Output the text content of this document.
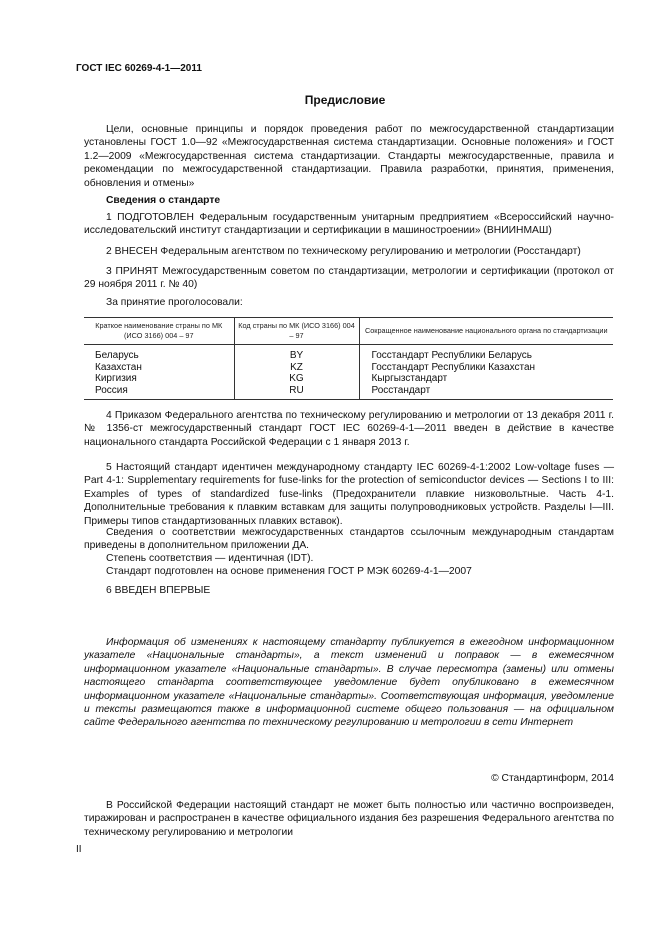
ГОСТ IEC 60269-4-1—2011
Предисловие

Цели, основные принципы и порядок проведения работ по межгосударственной стандартизации установлены ГОСТ 1.0—92 «Межгосударственная система стандартизации. Основные положения» и ГОСТ 1.2—2009 «Межгосударственная система стандартизации. Стандарты межгосударственные, правила и рекомендации по межгосударственной стандартизации. Правила разработки, принятия, применения, обновления и отмены»

Сведения о стандарте

1 ПОДГОТОВЛЕН Федеральным государственным унитарным предприятием «Всероссийский научно-исследовательский институт стандартизации и сертификации в машиностроении» (ВНИИНМАШ)

2 ВНЕСЕН Федеральным агентством по техническому регулированию и метрологии (Росстандарт)

3 ПРИНЯТ Межгосударственным советом по стандартизации, метрологии и сертификации (протокол от 29 ноября 2011 г. № 40)

За принятие проголосовали:

Краткое наименование страны по МК (ИСО 3166) 004 – 97	Код страны по МК (ИСО 3166) 004 – 97	Сокращенное наименование национального органа по стандартизации
Беларусь	BY	Госстандарт Республики Беларусь
Казахстан	KZ	Госстандарт Республики Казахстан
Киргизия	KG	Кыргызстандарт
Россия	RU	Росстандарт

4 Приказом Федерального агентства по техническому регулированию и метрологии от 13 декабря 2011 г. № 1356-ст межгосударственный стандарт ГОСТ IEC 60269-4-1—2011 введен в действие в качестве национального стандарта Российской Федерации с 1 января 2013 г.

5 Настоящий стандарт идентичен международному стандарту IEC 60269-4-1:2002 Low-voltage fuses — Part 4-1: Supplementary requirements for fuse-links for the protection of semiconductor devices — Sections I to III: Examples of types of standardized fuse-links (Предохранители плавкие низковольтные. Часть 4-1. Дополнительные требования к плавким вставкам для защиты полупроводниковых устройств. Разделы I—III. Примеры типов стандартизованных плавких вставок).

Сведения о соответствии межгосударственных стандартов ссылочным международным стандартам приведены в дополнительном приложении ДА.

Степень соответствия — идентичная (IDT).

Стандарт подготовлен на основе применения ГОСТ Р МЭК 60269-4-1—2007

6 ВВЕДЕН ВПЕРВЫЕ

Информация об изменениях к настоящему стандарту публикуется в ежегодном информационном указателе «Национальные стандарты», а текст изменений и поправок — в ежемесячном информационном указателе «Национальные стандарты». В случае пересмотра (замены) или отмены настоящего стандарта соответствующее уведомление будет опубликовано в ежемесячном информационном указателе «Национальные стандарты». Соответствующая информация, уведомление и тексты размещаются также в информационной системе общего пользования — на официальном сайте Федерального агентства по техническому регулированию и метрологии в сети Интернет

© Стандартинформ, 2014

В Российской Федерации настоящий стандарт не может быть полностью или частично воспроизведен, тиражирован и распространен в качестве официального издания без разрешения Федерального агентства по техническому регулированию и метрологии

II
